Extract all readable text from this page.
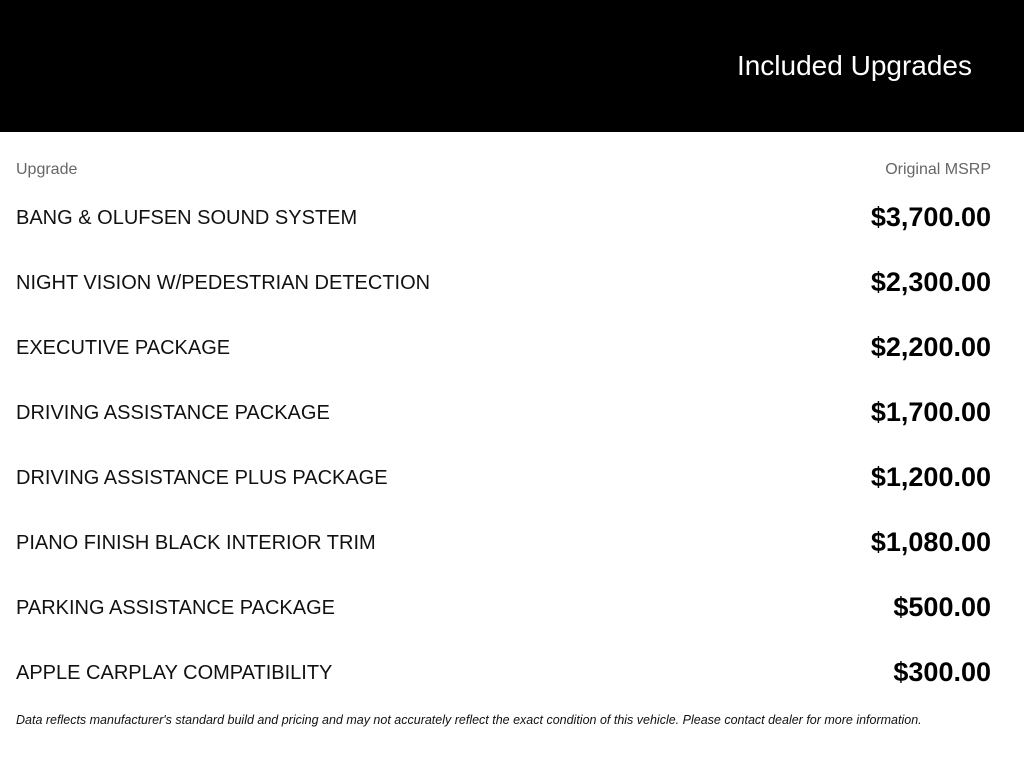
Included Upgrades
Upgrade	Original MSRP
BANG & OLUFSEN SOUND SYSTEM	$3,700.00
NIGHT VISION W/PEDESTRIAN DETECTION	$2,300.00
EXECUTIVE PACKAGE	$2,200.00
DRIVING ASSISTANCE PACKAGE	$1,700.00
DRIVING ASSISTANCE PLUS PACKAGE	$1,200.00
PIANO FINISH BLACK INTERIOR TRIM	$1,080.00
PARKING ASSISTANCE PACKAGE	$500.00
APPLE CARPLAY COMPATIBILITY	$300.00
Data reflects manufacturer's standard build and pricing and may not accurately reflect the exact condition of this vehicle. Please contact dealer for more information.
